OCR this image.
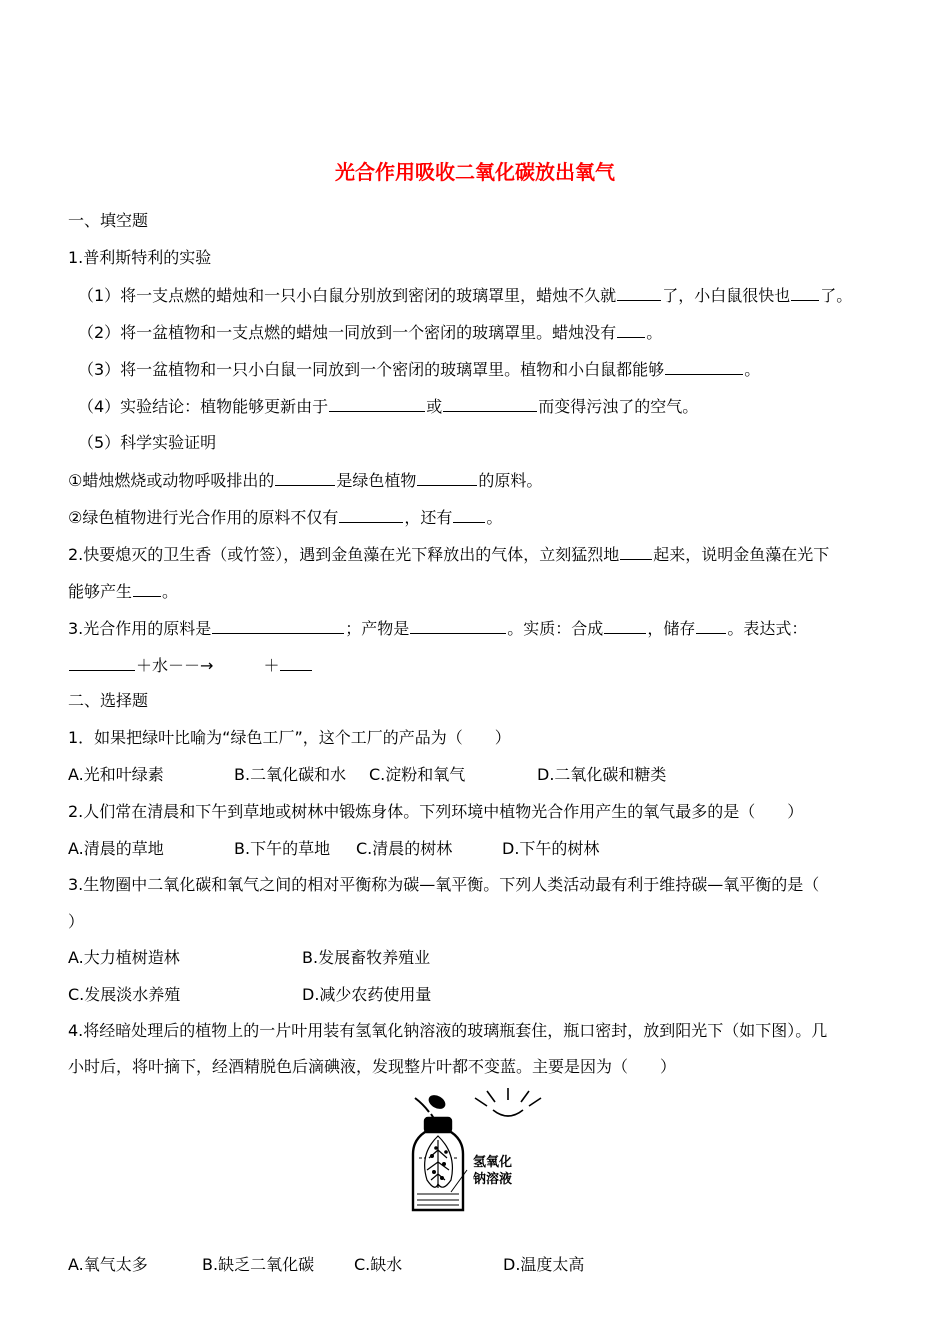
光合作用吸收二氧化碳放出氧气
一、填空题
1.普利斯特利的实验
（1）将一支点燃的蜡烛和一只小白鼠分别放到密闭的玻璃罩里，蜡烛不久就	了，小白鼠很快也 了。
（2）将一盆植物和一支点燃的蜡烛一同放到一个密闭的玻璃罩里。蜡烛没有 。
（3）将一盆植物和一只小白鼠一同放到一个密闭的玻璃罩里。植物和小白鼠都能够	。
（4）实验结论：植物能够更新由于	或	而变得污浊了的空气。
（5）科学实验证明
①蜡烛燃烧或动物呼吸排出的	是绿色植物	的原料。
②绿色植物进行光合作用的原料不仅有	，还有 。
2.快要熄灭的卫生香（或竹签），遇到金鱼藻在光下释放出的气体，立刻猛烈地 起来，说明金鱼藻在光下
能够产生 。
3.光合作用的原料是	；产物是	。实质：合成	，储存 。表达式：
＋水－－→	＋
二、选择题
1．如果把绿叶比喻为“绿色工厂”，这个工厂的产品为（　　）
A.光和叶绿素	B.二氧化碳和水 C.淀粉和氧气	D.二氧化碳和糖类
2.人们常在清晨和下午到草地或树林中锻炼身体。下列环境中植物光合作用产生的氧气最多的是（　　）
A.清晨的草地	B.下午的草地 C.清晨的树林	D.下午的树林
3.生物圈中二氧化碳和氧气之间的相对平衡称为碳—氧平衡。下列人类活动最有利于维持碳—氧平衡的是（
）
A.大力植树造林	B.发展畜牧养殖业
C.发展淡水养殖	D.减少农药使用量
4.将经暗处理后的植物上的一片叶用装有氢氧化钠溶液的玻璃瓶套住，瓶口密封，放到阳光下（如下图）。几
小时后，将叶摘下，经酒精脱色后滴碘液，发现整片叶都不变蓝。主要是因为（　　）
氢氧化
钠溶液
A.氧气太多	B.缺乏二氧化碳 C.缺水	D.温度太高
